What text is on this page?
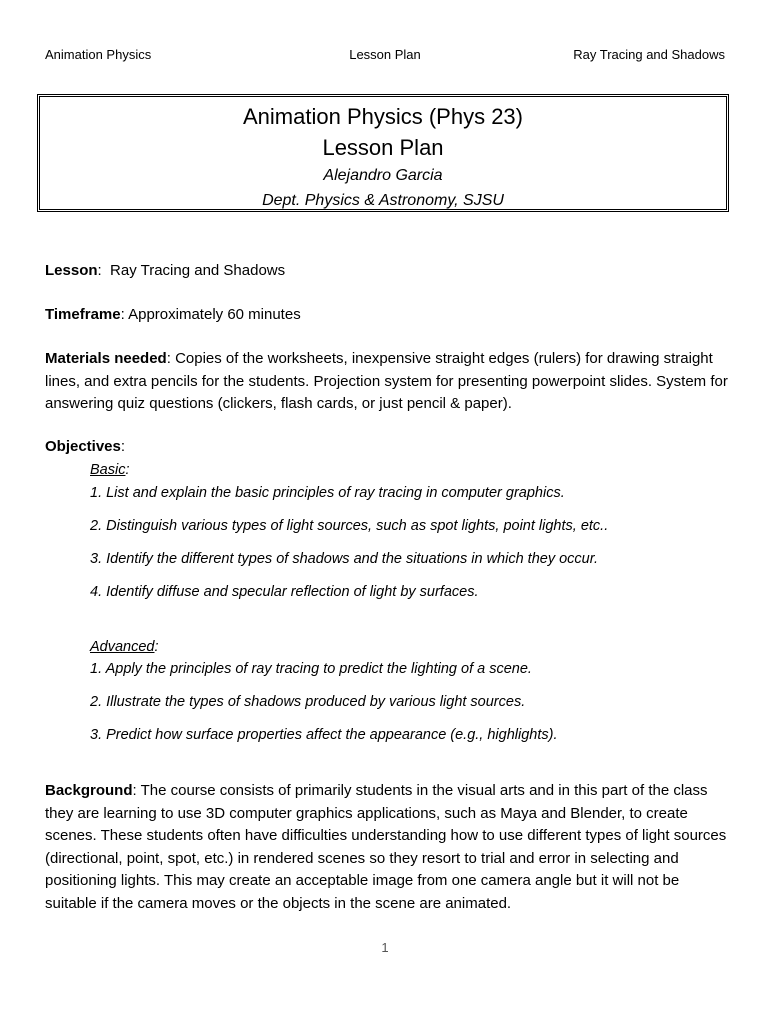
Animation Physics	Lesson Plan	Ray Tracing and Shadows
Animation Physics (Phys 23)
Lesson Plan
Alejandro Garcia
Dept. Physics & Astronomy, SJSU
Lesson:  Ray Tracing and Shadows
Timeframe: Approximately 60 minutes
Materials needed: Copies of the worksheets, inexpensive straight edges (rulers) for drawing straight lines, and extra pencils for the students. Projection system for presenting powerpoint slides. System for answering quiz questions (clickers, flash cards, or just pencil & paper).
Objectives:
Basic:
1. List and explain the basic principles of ray tracing in computer graphics.
2. Distinguish various types of light sources, such as spot lights, point lights, etc..
3. Identify the different types of shadows and the situations in which they occur.
4. Identify diffuse and specular reflection of light by surfaces.
Advanced:
1. Apply the principles of ray tracing to predict the lighting of a scene.
2. Illustrate the types of shadows produced by various light sources.
3. Predict how surface properties affect the appearance (e.g., highlights).
Background: The course consists of primarily students in the visual arts and in this part of the class they are learning to use 3D computer graphics applications, such as Maya and Blender, to create scenes. These students often have difficulties understanding how to use different types of light sources (directional, point, spot, etc.) in rendered scenes so they resort to trial and error in selecting and positioning lights. This may create an acceptable image from one camera angle but it will not be suitable if the camera moves or the objects in the scene are animated.
1
